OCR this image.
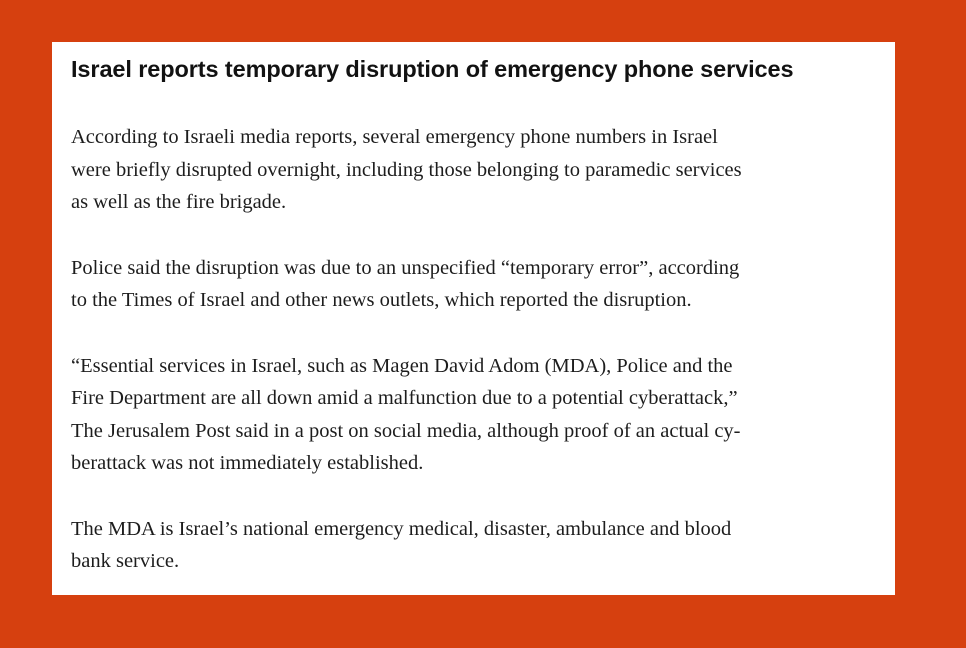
Israel reports temporary disruption of emergency phone services

According to Israeli media reports, several emergency phone numbers in Israel
were briefly disrupted overnight, including those belonging to paramedic services
as well as the fire brigade.

Police said the disruption was due to an unspecified “temporary error”, according
to the Times of Israel and other news outlets, which reported the disruption.

“Essential services in Israel, such as Magen David Adom (MDA), Police and the
Fire Department are all down amid a malfunction due to a potential cyberattack,”
The Jerusalem Post said in a post on social media, although proof of an actual cy-
berattack was not immediately established.

The MDA is Israel’s national emergency medical, disaster, ambulance and blood
bank service.
